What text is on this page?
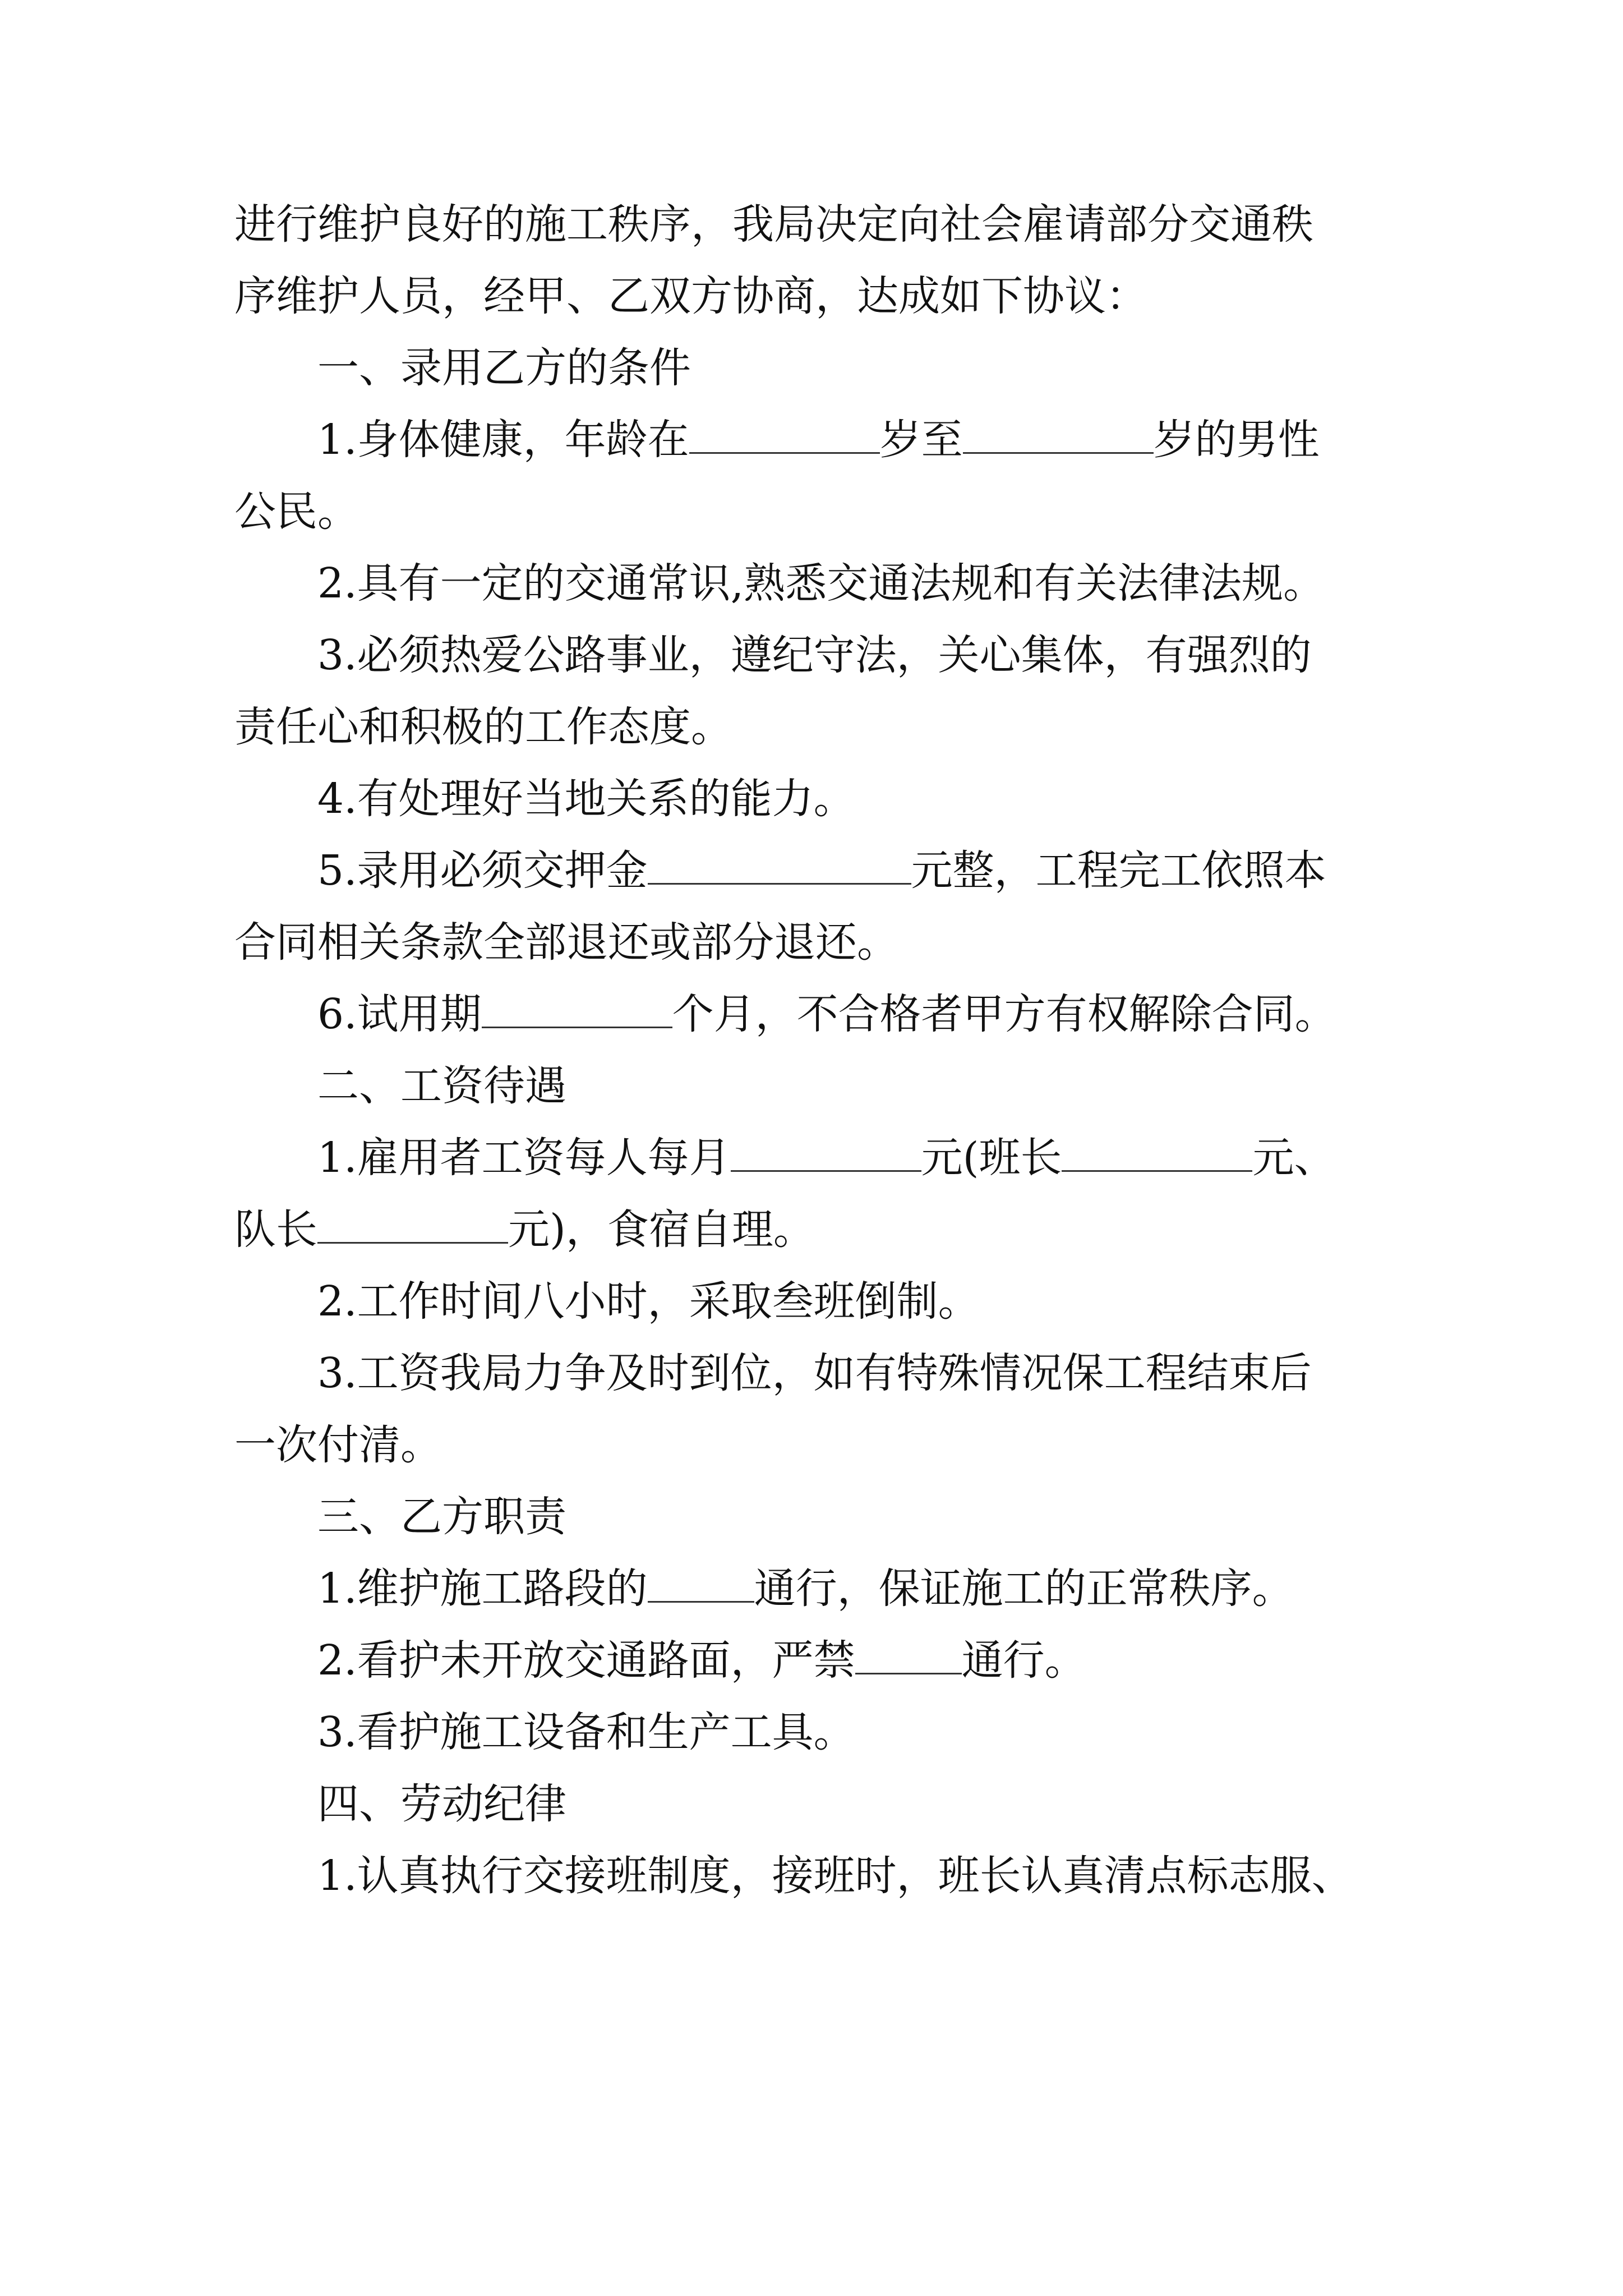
进行维护良好的施工秩序，我局决定向社会雇请部分交通秩
序维护人员，经甲、乙双方协商，达成如下协议：
一、录用乙方的条件
1.身体健康，年龄在	岁至	岁的男性
公民。
2.具有一定的交通常识,熟悉交通法规和有关法律法规。
3.必须热爱公路事业，遵纪守法，关心集体，有强烈的
责任心和积极的工作态度。
4.有处理好当地关系的能力。
5.录用必须交押金	元整，工程完工依照本
合同相关条款全部退还或部分退还。
6.试用期	个月，不合格者甲方有权解除合同。
二、工资待遇
1.雇用者工资每人每月	元(班长	元、
队长	元)，食宿自理。
2.工作时间八小时，采取叁班倒制。
3.工资我局力争及时到位，如有特殊情况保工程结束后
一次付清。
三、乙方职责
1.维护施工路段的	通行，保证施工的正常秩序。
2.看护未开放交通路面，严禁	通行。
3.看护施工设备和生产工具。
四、劳动纪律
1.认真执行交接班制度，接班时，班长认真清点标志服、
